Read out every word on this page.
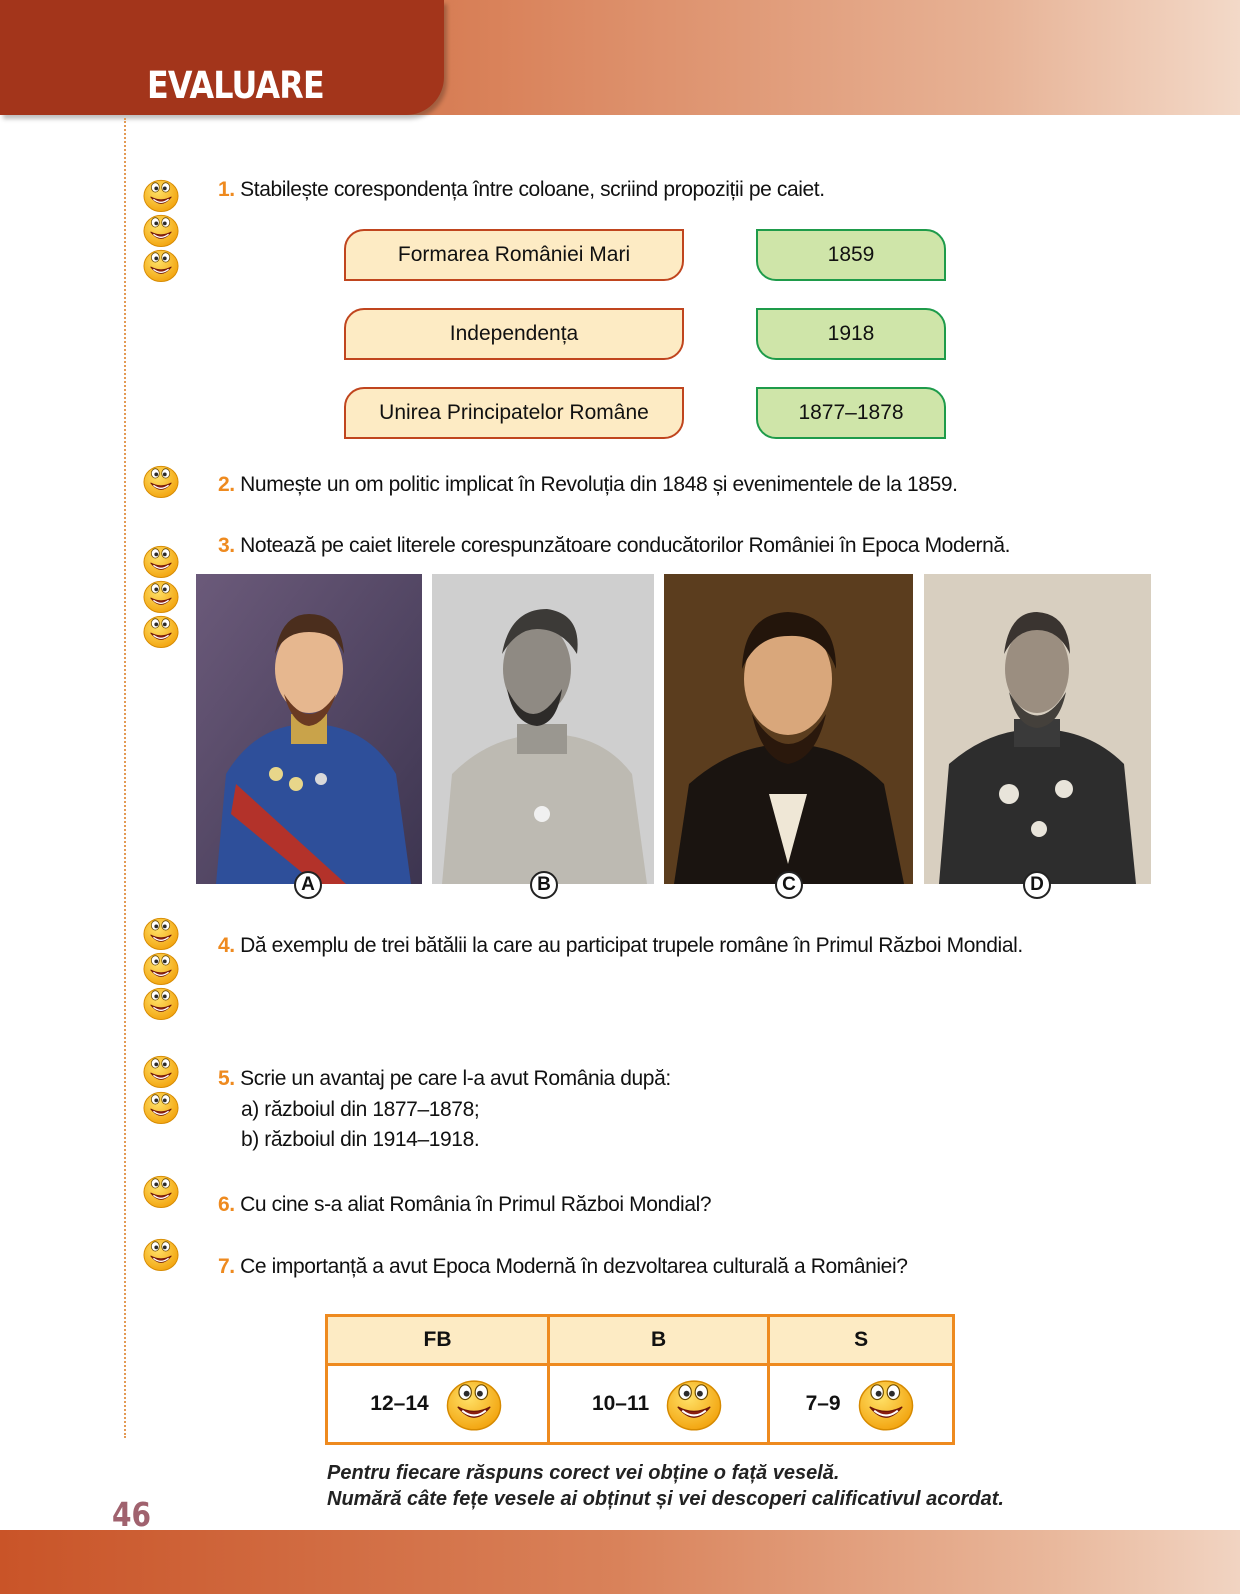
EVALUARE
1. Stabilește corespondența între coloane, scriind propoziții pe caiet.
Formarea României Mari
Independența
Unirea Principatelor Române
1859
1918
1877–1878
2. Numește un om politic implicat în Revoluția din 1848 și evenimentele de la 1859.
3. Notează pe caiet literele corespunzătoare conducătorilor României în Epoca Modernă.
A	B	C	D
4. Dă exemplu de trei bătălii la care au participat trupele române în Primul Război Mondial.
5. Scrie un avantaj pe care l-a avut România după:
a) războiul din 1877–1878;
b) războiul din 1914–1918.
6. Cu cine s-a aliat România în Primul Război Mondial?
7. Ce importanță a avut Epoca Modernă în dezvoltarea culturală a României?
FB	B	S

12–14	10–11	7–9
Pentru fiecare răspuns corect vei obține o față veselă.
Numără câte fețe vesele ai obținut și vei descoperi calificativul acordat.
46
